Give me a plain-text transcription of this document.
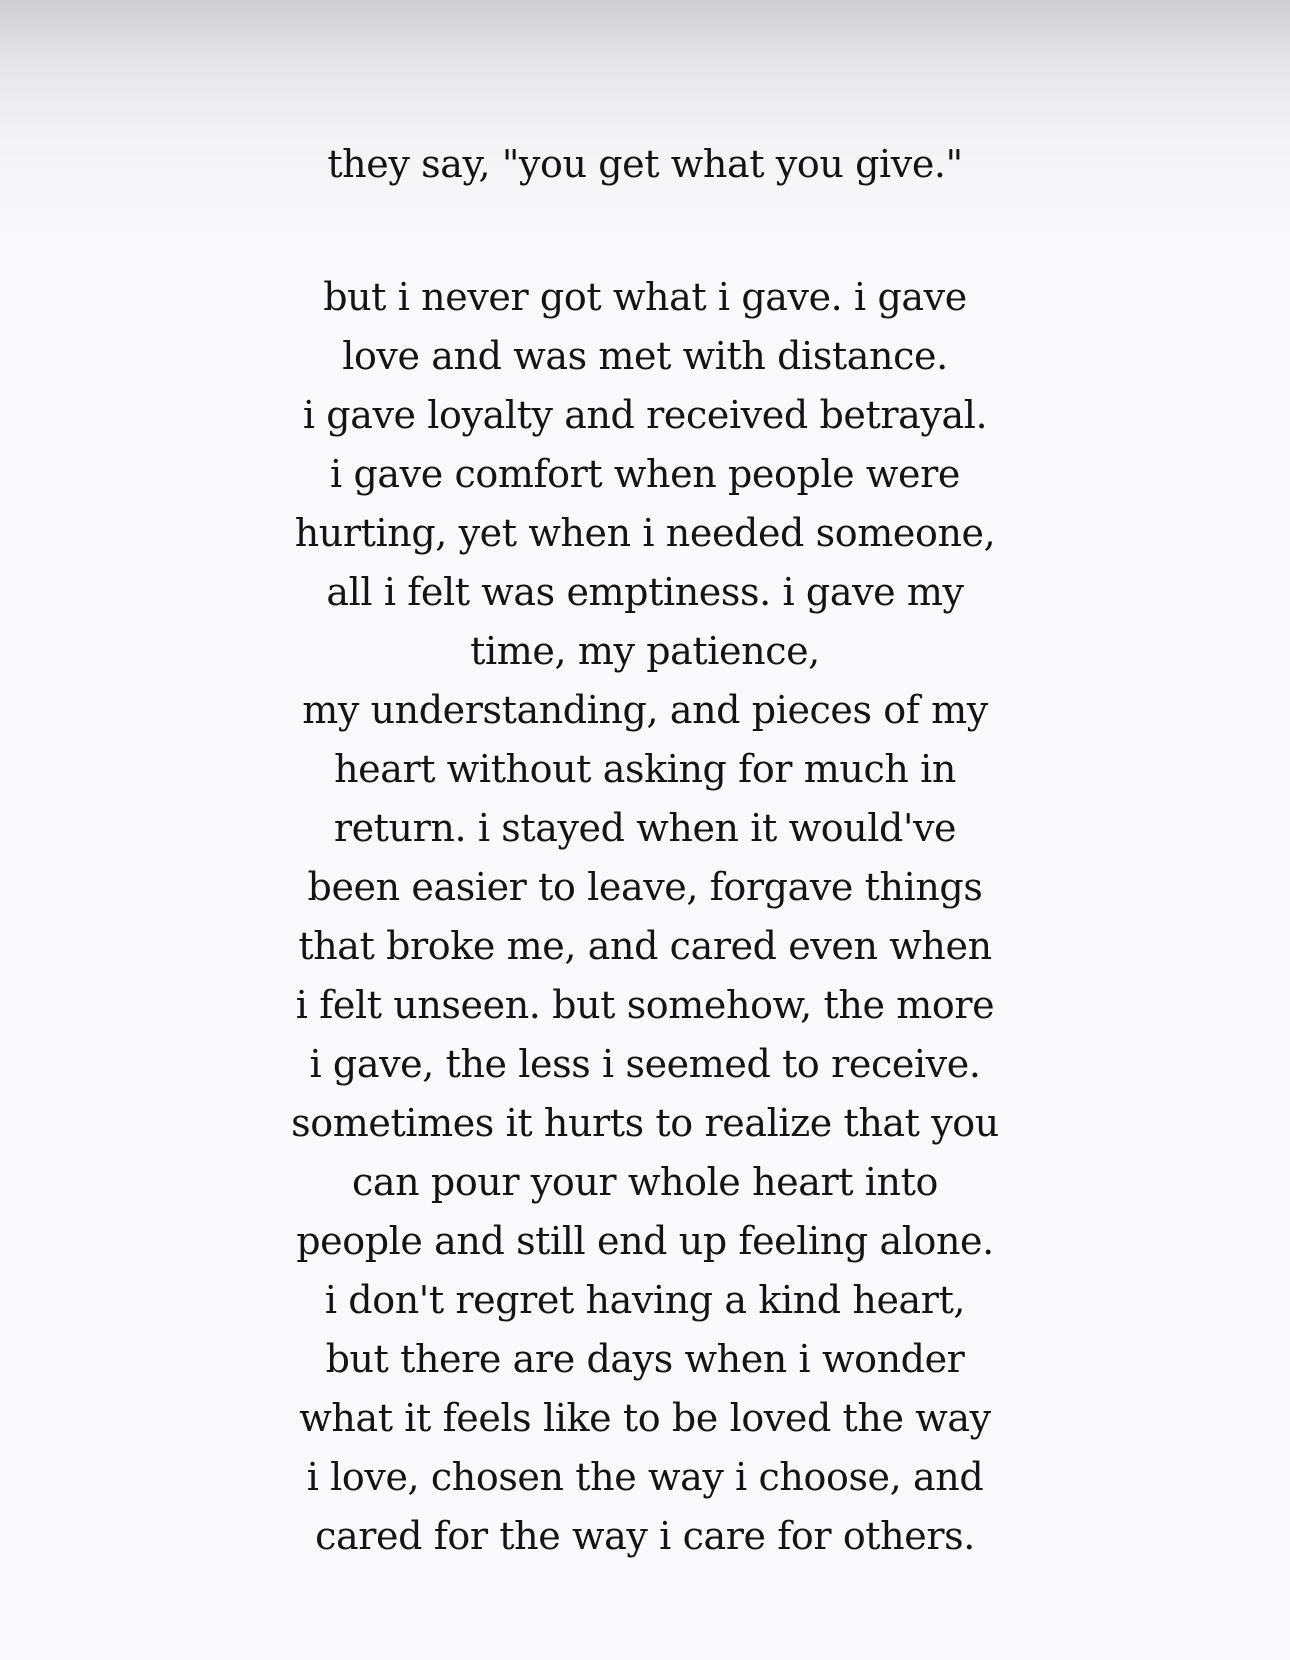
they say, "you get what you give."
but i never got what i gave. i gave
love and was met with distance.
i gave loyalty and received betrayal.
i gave comfort when people were
hurting, yet when i needed someone,
all i felt was emptiness. i gave my
time, my patience,
my understanding, and pieces of my
heart without asking for much in
return. i stayed when it would've
been easier to leave, forgave things
that broke me, and cared even when
i felt unseen. but somehow, the more
i gave, the less i seemed to receive.
sometimes it hurts to realize that you
can pour your whole heart into
people and still end up feeling alone.
i don't regret having a kind heart,
but there are days when i wonder
what it feels like to be loved the way
i love, chosen the way i choose, and
cared for the way i care for others.
